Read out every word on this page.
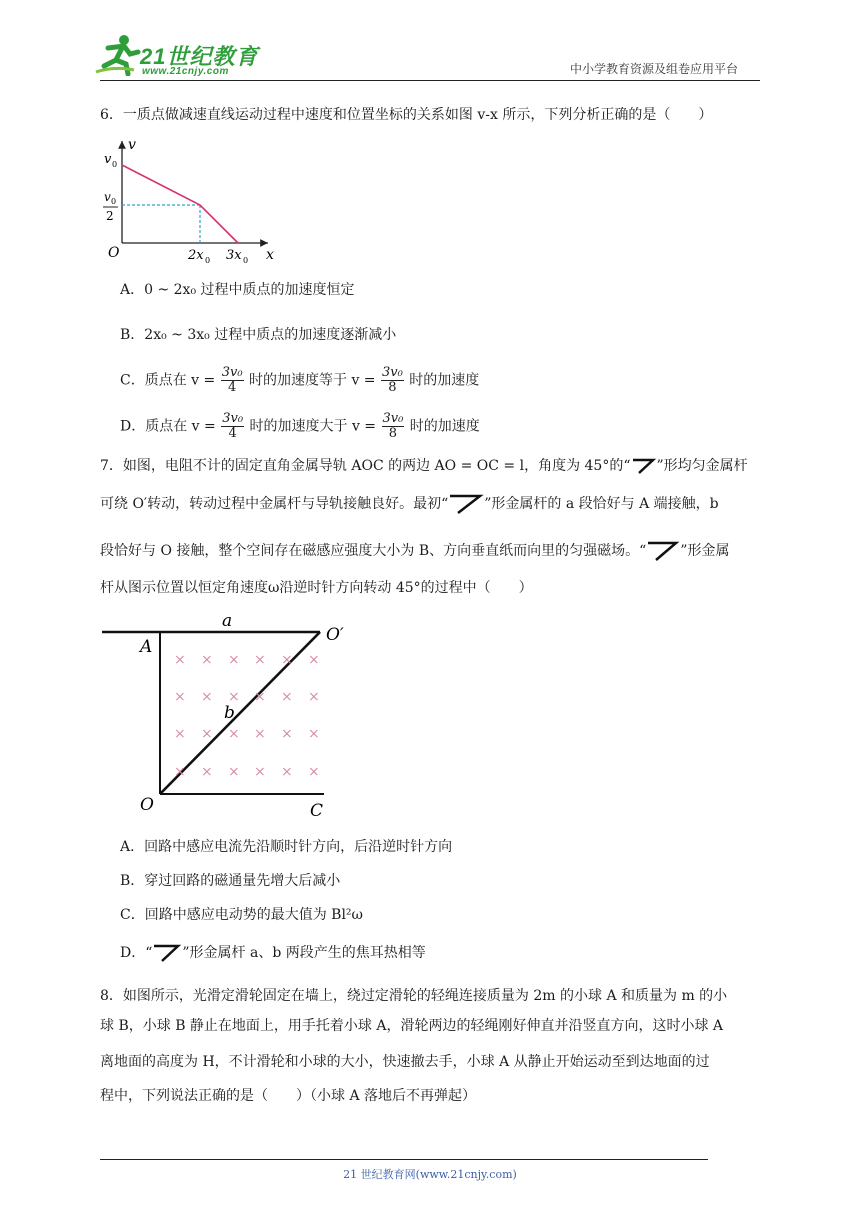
21世纪教育
www.21cnjy.com	中小学教育资源及组卷应用平台
6．一质点做减速直线运动过程中速度和位置坐标的关系如图 v-x 所示，下列分析正确的是（　　）
v
x
O
v 0
v 0
2
2x 0 3x 0
A．0 ~ 2x₀ 过程中质点的加速度恒定
B．2x₀ ~ 3x₀ 过程中质点的加速度逐渐减小
C．质点在 $v = \frac{\text{3v₀}}{4}$ 时的加速度等于 $v = \frac{\text{3v₀}}{8}$ 时的加速度
D．质点在 $v = \frac{\text{3v₀}}{4}$ 时的加速度大于 $v = \frac{\text{3v₀}}{8}$ 时的加速度
7．如图，电阻不计的固定直角金属导轨 AOC 的两边 AO = OC = l，角度为 45°的“ ”形均匀金属杆
可绕 O′转动，转动过程中金属杆与导轨接触良好。最初“	”形金属杆的 a 段恰好与 A 端接触，b
段恰好与 O 接触，整个空间存在磁感应强度大小为 B、方向垂直纸而向里的匀强磁场。“ ”形金属
杆从图示位置以恒定角速度ω沿逆时针方向转动 45°的过程中（　　）
× × × × × ×
× × × × × ×
× × × × × ×
× × × × × ×
a
A
O′
b
O	C
A．回路中感应电流先沿顺时针方向，后沿逆时针方向
B．穿过回路的磁通量先增大后减小
C．回路中感应电动势的最大值为 Bl²ω
D．“ ”形金属杆 a、b 两段产生的焦耳热相等
8．如图所示，光滑定滑轮固定在墙上，绕过定滑轮的轻绳连接质量为 2m 的小球 A 和质量为 m 的小
球 B，小球 B 静止在地面上，用手托着小球 A，滑轮两边的轻绳刚好伸直并沿竖直方向，这时小球 A
离地面的高度为 H，不计滑轮和小球的大小，快速撤去手，小球 A 从静止开始运动至到达地面的过
程中，下列说法正确的是（　　）（小球 A 落地后不再弹起）
21 世纪教育网(www.21cnjy.com)
